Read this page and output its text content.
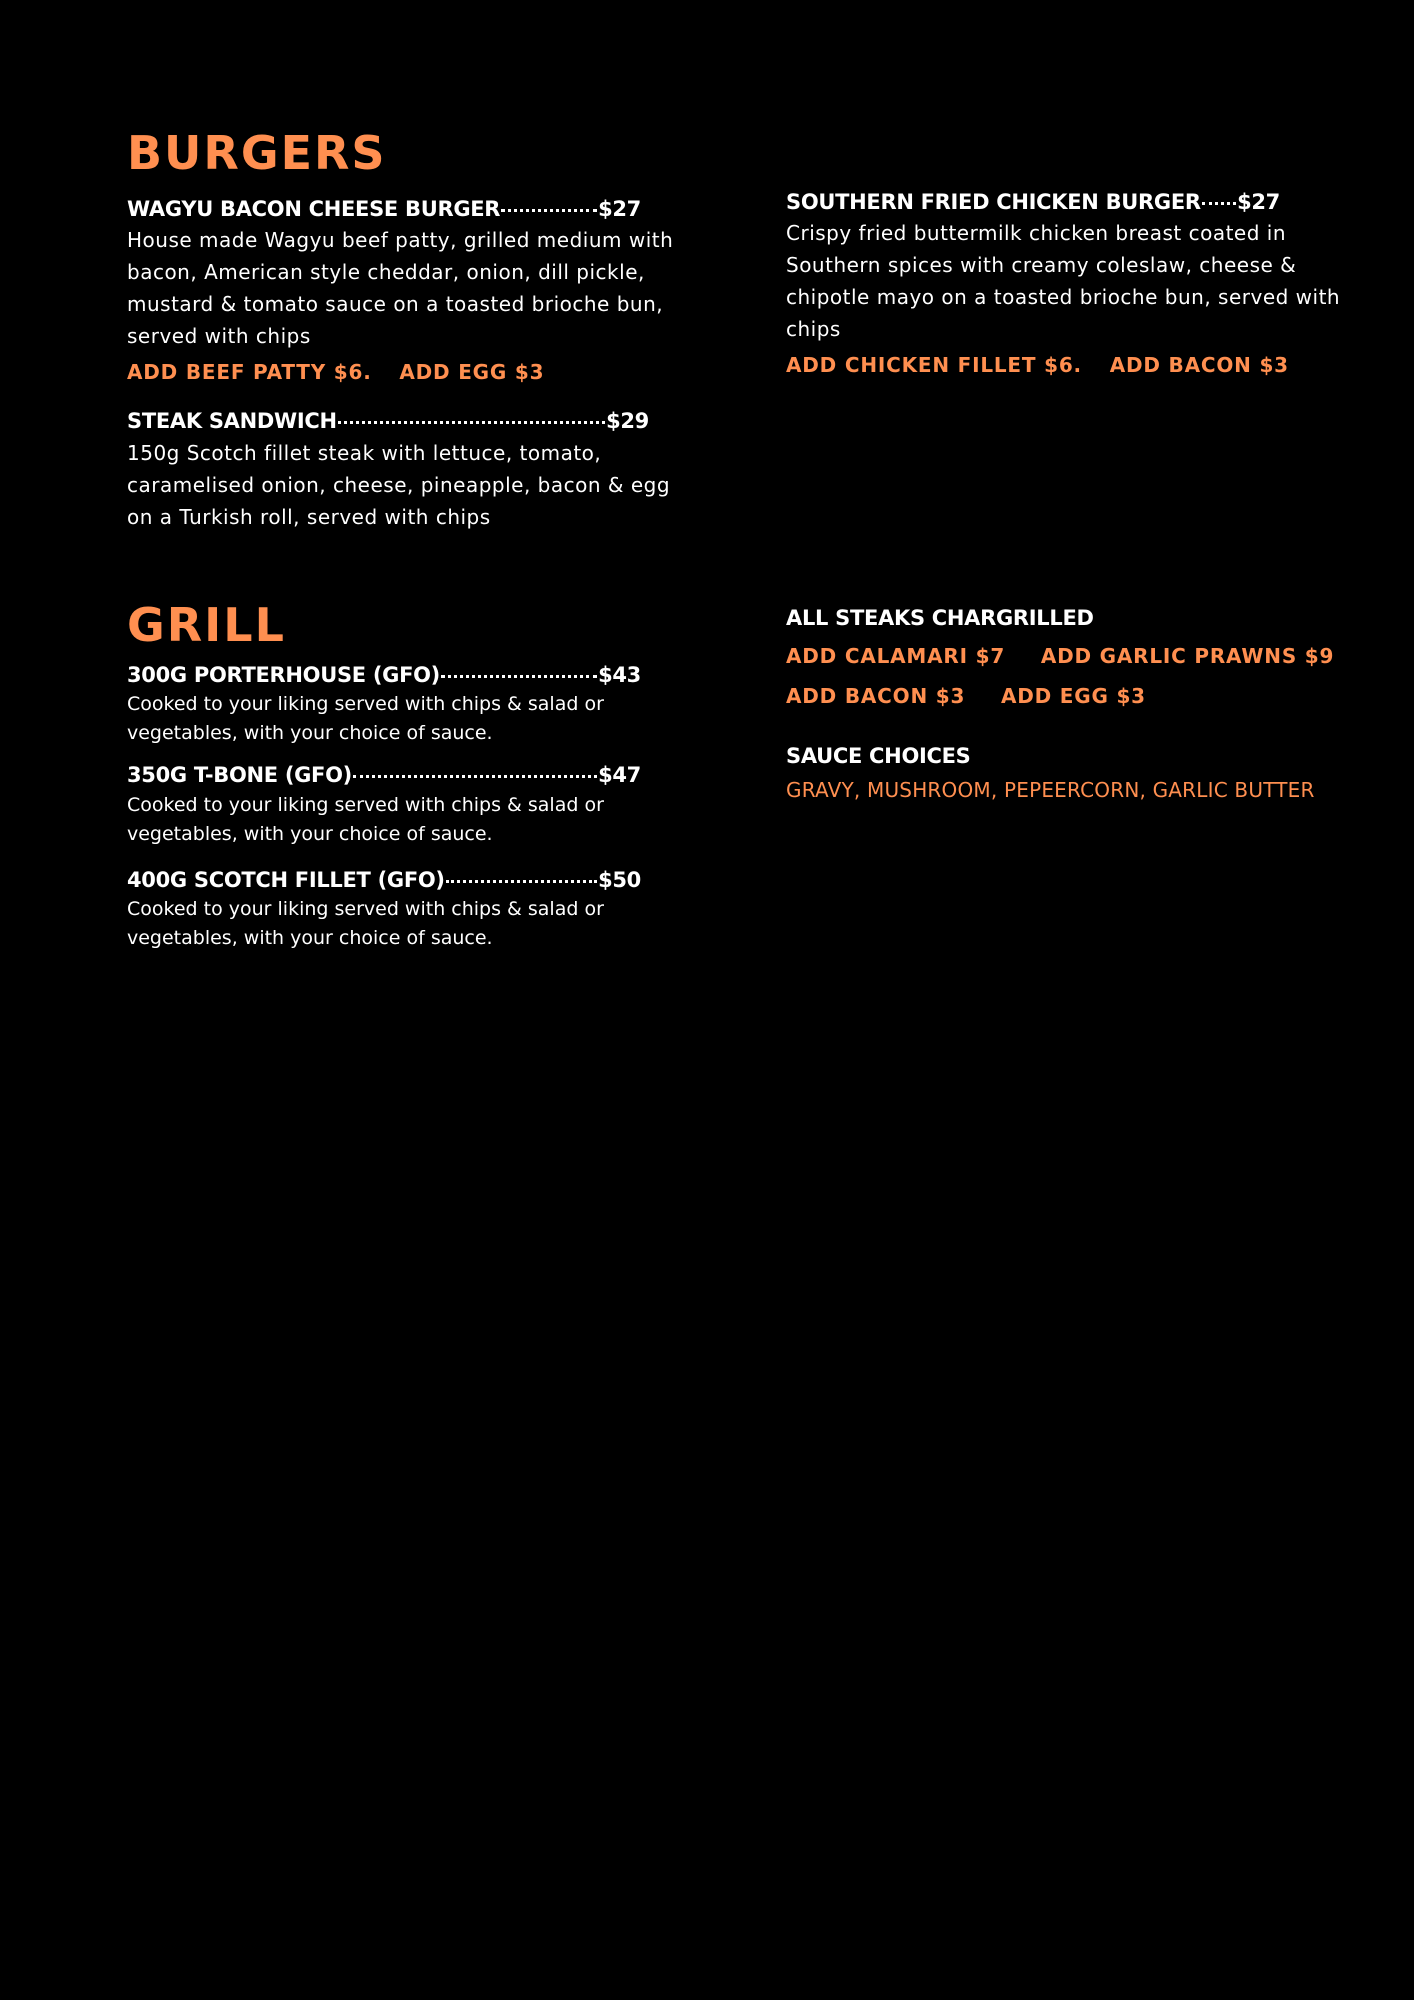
BURGERS
WAGYU BACON CHEESE BURGER	$27

House made Wagyu beef patty, grilled medium with bacon, American style cheddar, onion, dill pickle, mustard & tomato sauce on a toasted brioche bun, served with chips

ADD BEEF PATTY $6. ADD EGG $3
STEAK SANDWICH	$29

150g Scotch fillet steak with lettuce, tomato, caramelised onion, cheese, pineapple, bacon & egg on a Turkish roll, served with chips

SOUTHERN FRIED CHICKEN BURGER $27

Crispy fried buttermilk chicken breast coated in Southern spices with creamy coleslaw, cheese & chipotle mayo on a toasted brioche bun, served with chips

ADD CHICKEN FILLET $6. ADD BACON $3
GRILL
300G PORTERHOUSE (GFO)	$43

Cooked to your liking served with chips & salad or vegetables, with your choice of sauce.

350G T-BONE (GFO)	$47

Cooked to your liking served with chips & salad or vegetables, with your choice of sauce.

400G SCOTCH FILLET (GFO)	$50

Cooked to your liking served with chips & salad or vegetables, with your choice of sauce.

ALL STEAKS CHARGRILLED
ADD CALAMARI $7 ADD GARLIC PRAWNS $9
ADD BACON $3 ADD EGG $3
SAUCE CHOICES
GRAVY, MUSHROOM, PEPEERCORN, GARLIC BUTTER
